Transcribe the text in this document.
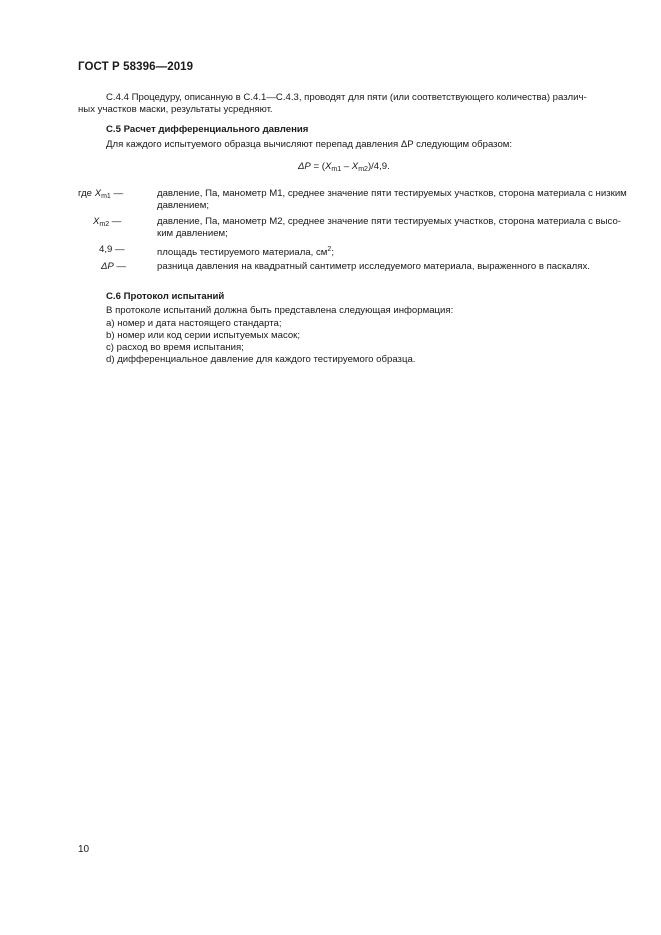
ГОСТ Р 58396—2019
C.4.4 Процедуру, описанную в С.4.1—С.4.3, проводят для пяти (или соответствующего количества) различ-
ных участков маски, результаты усредняют.
С.5 Расчет дифференциального давления
Для каждого испытуемого образца вычисляют перепад давления ΔP следующим образом:
$\Delta P = (X_{m1} - X_{m2})/4,9$.
где $X_{m1}$ —	давление, Па, манометр М1, среднее значение пяти тестируемых участков, сторона материала с низким
давлением;
$X_{m2}$ —	давление, Па, манометр М2, среднее значение пяти тестируемых участков, сторона материала с высо-
ким давлением;
4,9 —	площадь тестируемого материала, $см^2$;
ΔP —	разница давления на квадратный сантиметр исследуемого материала, выраженного в паскалях.
С.6 Протокол испытаний
В протоколе испытаний должна быть представлена следующая информация:
a) номер и дата настоящего стандарта;
b) номер или код серии испытуемых масок;
c) расход во время испытания;
d) дифференциальное давление для каждого тестируемого образца.
10
